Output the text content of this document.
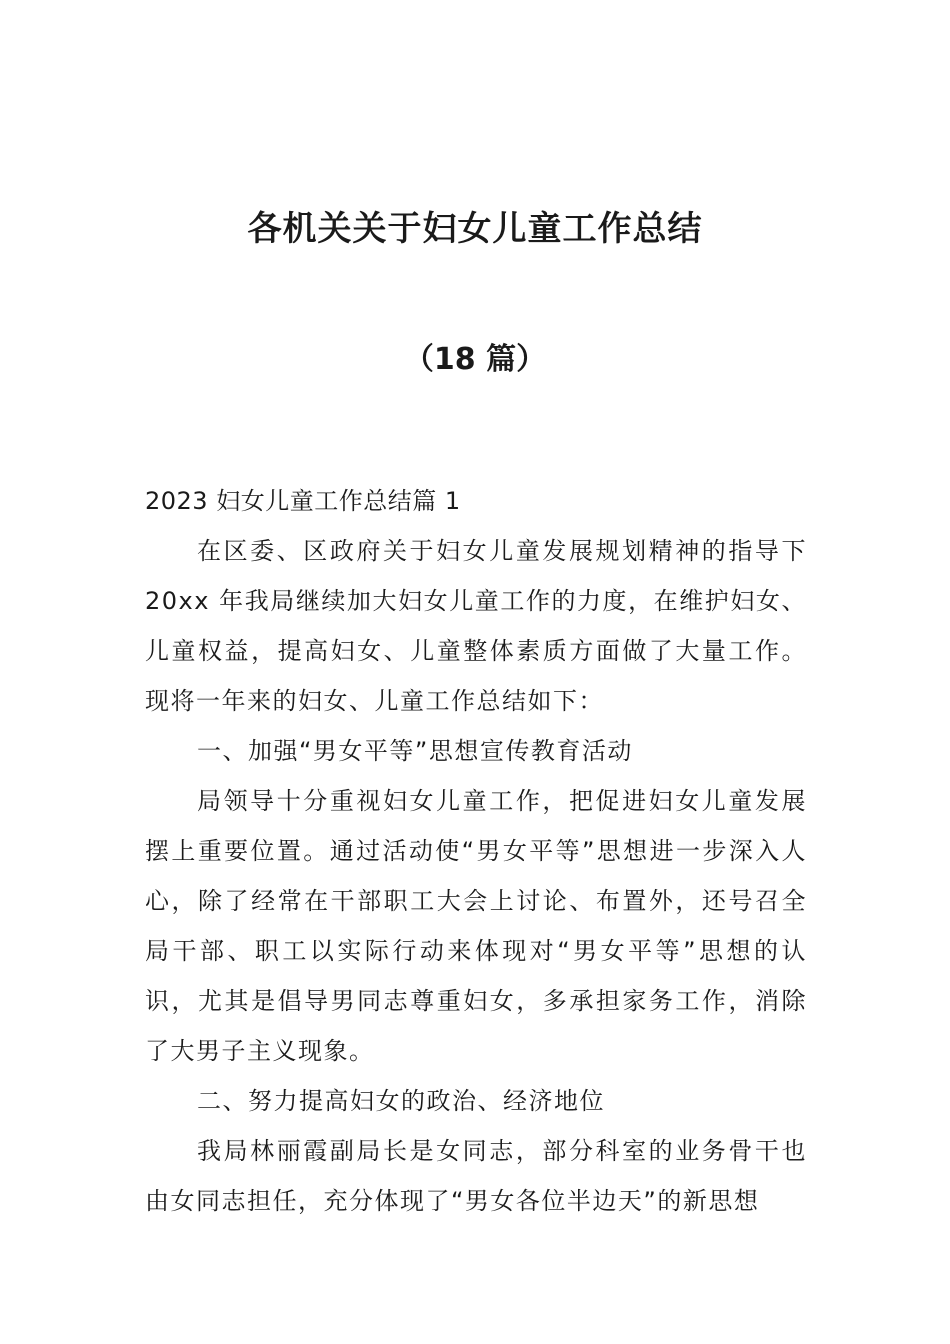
各机关关于妇女儿童工作总结
（18 篇）

2023 妇女儿童工作总结篇 1

在区委、区政府关于妇女儿童发展规划精神的指导下 20xx 年我局继续加大妇女儿童工作的力度，在维护妇女、儿童权益，提高妇女、儿童整体素质方面做了大量工作。现将一年来的妇女、儿童工作总结如下：

一、加强“男女平等”思想宣传教育活动

局领导十分重视妇女儿童工作，把促进妇女儿童发展摆上重要位置。通过活动使“男女平等”思想进一步深入人心，除了经常在干部职工大会上讨论、布置外，还号召全局干部、职工以实际行动来体现对“男女平等”思想的认识，尤其是倡导男同志尊重妇女，多承担家务工作，消除了大男子主义现象。

二、努力提高妇女的政治、经济地位

我局林丽霞副局长是女同志，部分科室的业务骨干也由女同志担任，充分体现了“男女各位半边天”的新思想
